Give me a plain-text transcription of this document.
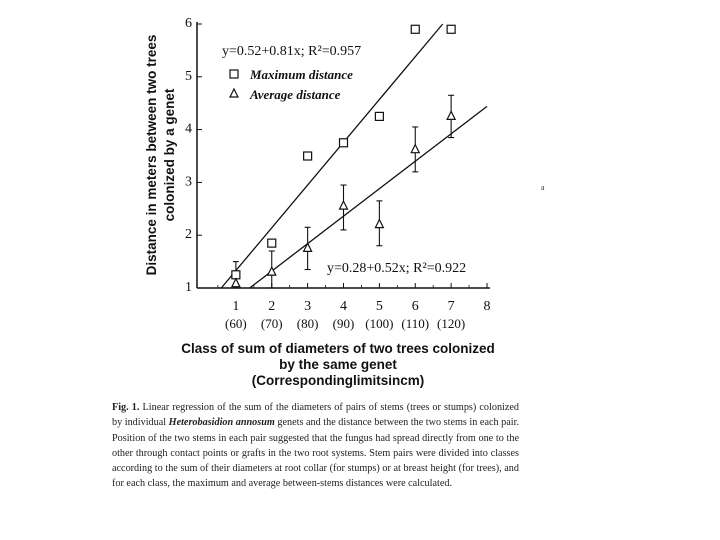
1
(60)
2
(70)
3
(80)
4
(90)
5
(100)
6
(110)
7
(120)
8
1
2
3
4
5
6
y=0.52+0.81x; R²=0.957
y=0.28+0.52x; R²=0.922
Maximum distance
Average distance
Distance in meters between two trees colonized by a genet
Class of sum of diameters of two trees colonized
by the same genet
(Correspondinglimitsincm)
a
Fig. 1. Linear regression of the sum of the diameters of pairs of stems (trees or stumps) colonized by individual Heterobasidion annosum genets and the distance between the two stems in each pair. Position of the two stems in each pair suggested that the fungus had spread directly from one to the other through contact points or grafts in the two root systems. Stem pairs were divided into classes according to the sum of their diameters at root collar (for stumps) or at breast height (for trees), and for each class, the maximum and average between-stems distances were calculated.
